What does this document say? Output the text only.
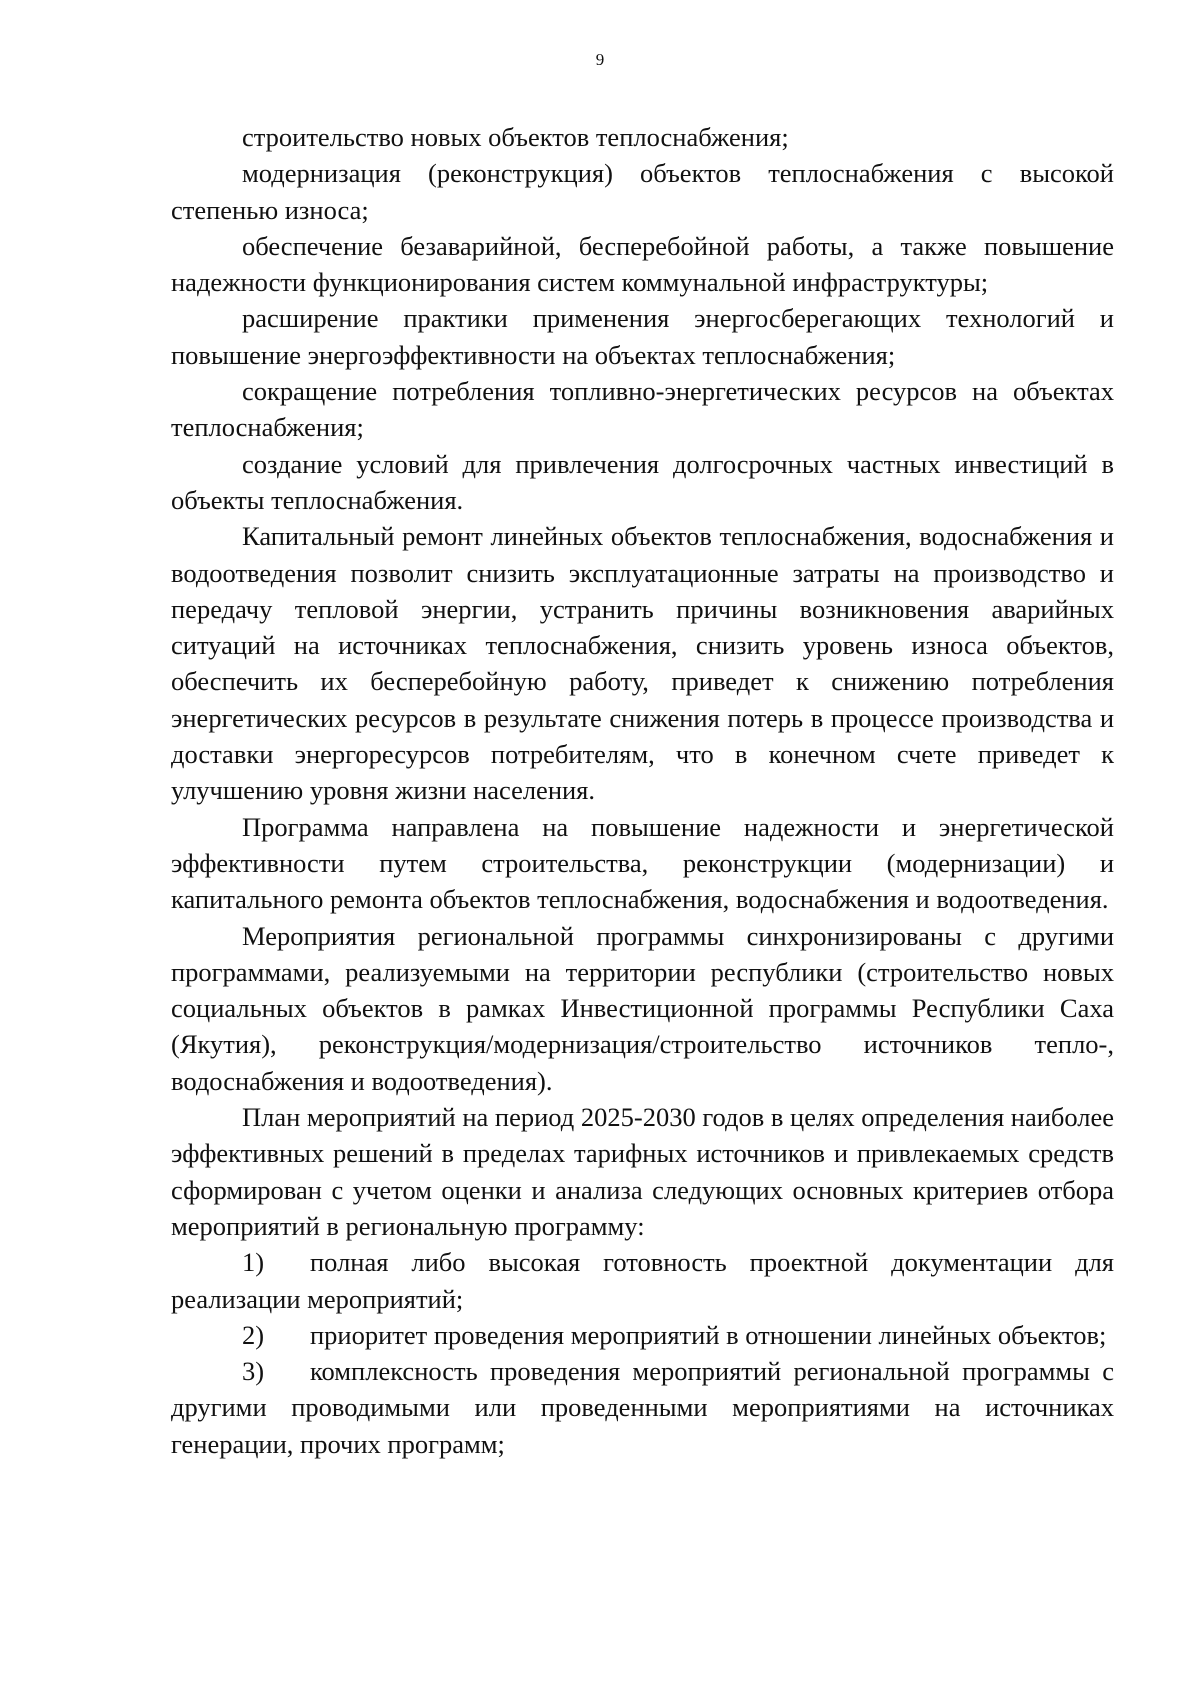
9

строительство новых объектов теплоснабжения;

модернизация (реконструкция) объектов теплоснабжения с высокой степенью износа;

обеспечение безаварийной, бесперебойной работы, а также повышение надежности функционирования систем коммунальной инфраструктуры;

расширение практики применения энергосберегающих технологий и повышение энергоэффективности на объектах теплоснабжения;

сокращение потребления топливно-энергетических ресурсов на объектах теплоснабжения;

создание условий для привлечения долгосрочных частных инвестиций в объекты теплоснабжения.

Капитальный ремонт линейных объектов теплоснабжения, водоснабжения и водоотведения позволит снизить эксплуатационные затраты на производство и передачу тепловой энергии, устранить причины возникновения аварийных ситуаций на источниках теплоснабжения, снизить уровень износа объектов, обеспечить их бесперебойную работу, приведет к снижению потребления энергетических ресурсов в результате снижения потерь в процессе производства и доставки энергоресурсов потребителям, что в конечном счете приведет к улучшению уровня жизни населения.

Программа направлена на повышение надежности и энергетической эффективности путем строительства, реконструкции (модернизации) и капитального ремонта объектов теплоснабжения, водоснабжения и водоотведения.

Мероприятия региональной программы синхронизированы с другими программами, реализуемыми на территории республики (строительство новых социальных объектов в рамках Инвестиционной программы Республики Саха (Якутия), реконструкция/модернизация/строительство источников тепло-, водоснабжения и водоотведения).

План мероприятий на период 2025-2030 годов в целях определения наиболее эффективных решений в пределах тарифных источников и привлекаемых средств сформирован с учетом оценки и анализа следующих основных критериев отбора мероприятий в региональную программу:

1) полная либо высокая готовность проектной документации для реализации мероприятий;

2) приоритет проведения мероприятий в отношении линейных объектов;

3) комплексность проведения мероприятий региональной программы с другими проводимыми или проведенными мероприятиями на источниках генерации, прочих программ;
